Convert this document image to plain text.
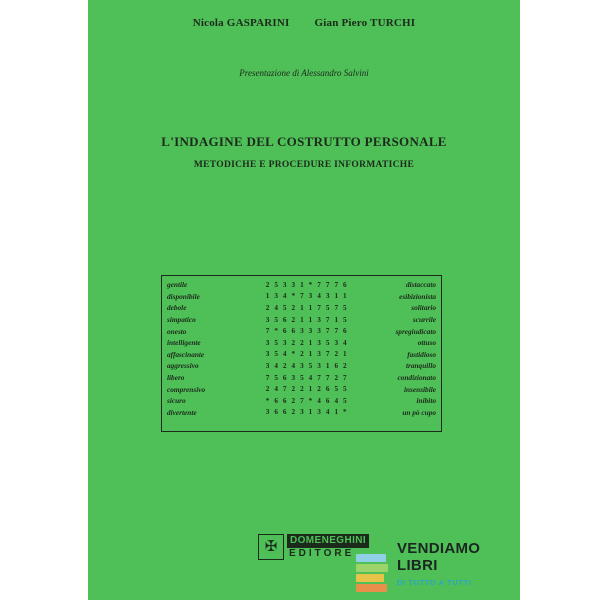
Nicola GASPARINI Gian Piero TURCHI
Presentazione di Alessandro Salvini
L'INDAGINE DEL COSTRUTTO PERSONALE
METODICHE E PROCEDURE INFORMATICHE
gentile	2 5 3 3 1 * 7 7 7 6	distaccato
disponibile	1 3 4 * 7 3 4 3 1 1	esibizionista
debole	2 4 5 2 1 1 7 5 7 5	solitario
simpatico	3 5 6 2 1 1 3 7 1 5	scurrile
onesto	7 * 6 6 3 3 3 7 7 6	spregiudicato
intelligente	3 5 3 2 2 1 3 5 3 4	ottuso
affascinante	3 5 4 * 2 1 3 7 2 1	fastidioso
aggressivo	3 4 2 4 3 5 3 1 6 2	tranquillo
libero	7 5 6 3 5 4 7 7 2 7	condizionato
comprensivo	2 4 7 2 2 1 2 6 5 5	insensibile
sicuro	* 6 6 2 7 * 4 6 4 5	inibito
divertente	3 6 6 2 3 1 3 4 1 *	un pò cupo
✠	DOMENEGHINI
EDITORE	VENDIAMO
LIBRI
DI TUTTO A TUTTI
